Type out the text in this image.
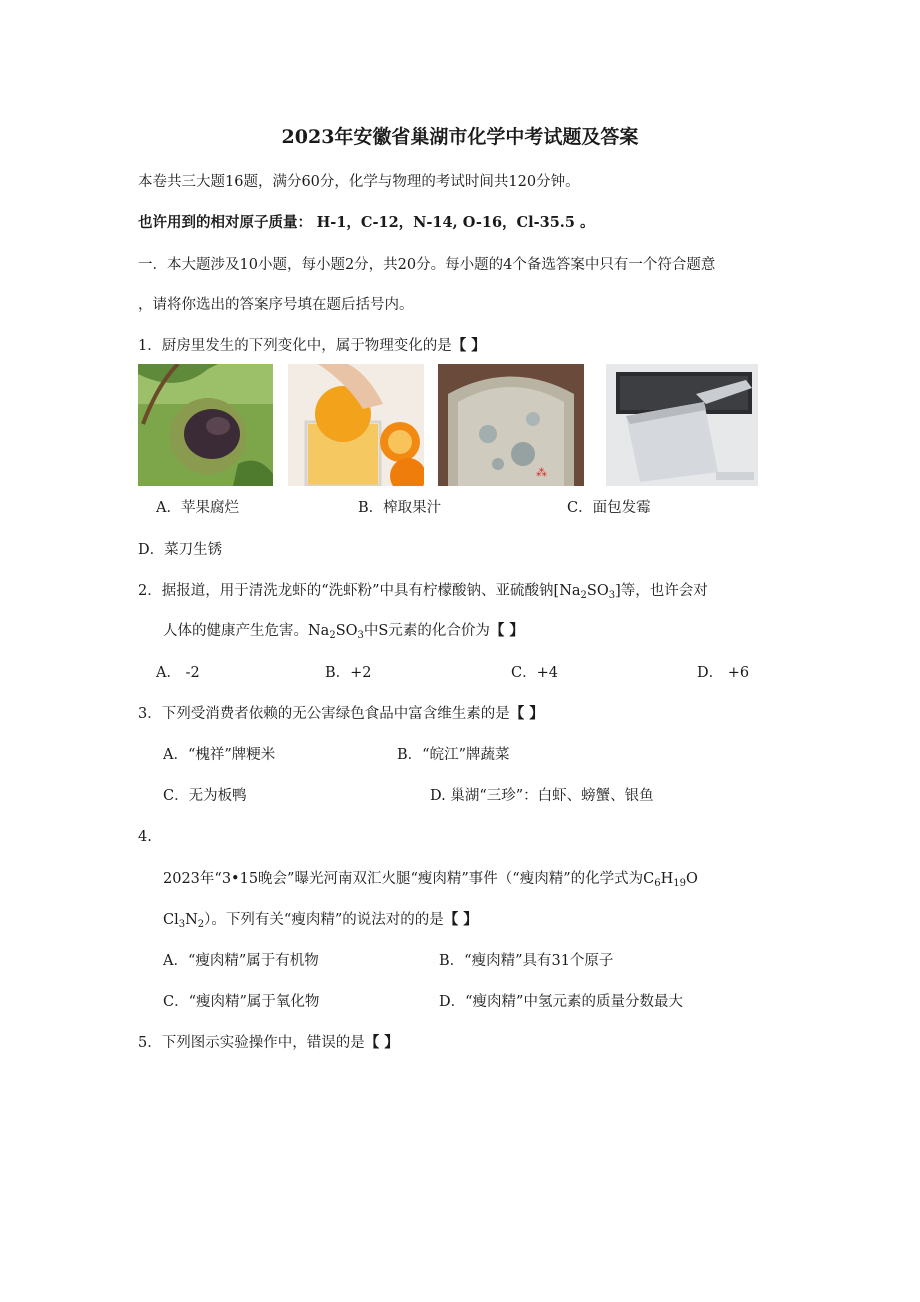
2023年安徽省巢湖市化学中考试题及答案
本卷共三大题16题，满分60分，化学与物理的考试时间共120分钟。
也许用到的相对原子质量： H-1，C-12，N-14, O-16，Cl-35.5 。
一．本大题涉及10小题，每小题2分，共20分。每小题的4个备选答案中只有一个符合题意
，请将你选出的答案序号填在题后括号内。
1．厨房里发生的下列变化中，属于物理变化的是【 】
⁂
A．苹果腐烂	B．榨取果汁	C．面包发霉
D．菜刀生锈
2．据报道，用于清洗龙虾的“洗虾粉”中具有柠檬酸钠、亚硫酸钠$[Na_2SO_3]$等，也许会对
人体的健康产生危害。$Na_2SO_3$中S元素的化合价为【 】
A． -2	B．+2	C．+4	D． +6
3．下列受消费者依赖的无公害绿色食品中富含维生素的是【 】
A．“槐祥”牌粳米	B．“皖江”牌蔬菜
C．无为板鸭	D. 巢湖“三珍”：白虾、螃蟹、银鱼
4.
2023年“3•15晚会”曝光河南双汇火腿“瘦肉精”事件（“瘦肉精”的化学式为$C_6H_{19}O$
$Cl_3N_2$）。下列有关“瘦肉精”的说法对的的是【 】
A．“瘦肉精”属于有机物	B．“瘦肉精”具有31个原子
C．“瘦肉精”属于氧化物	D．“瘦肉精”中氢元素的质量分数最大
5．下列图示实验操作中，错误的是【 】
